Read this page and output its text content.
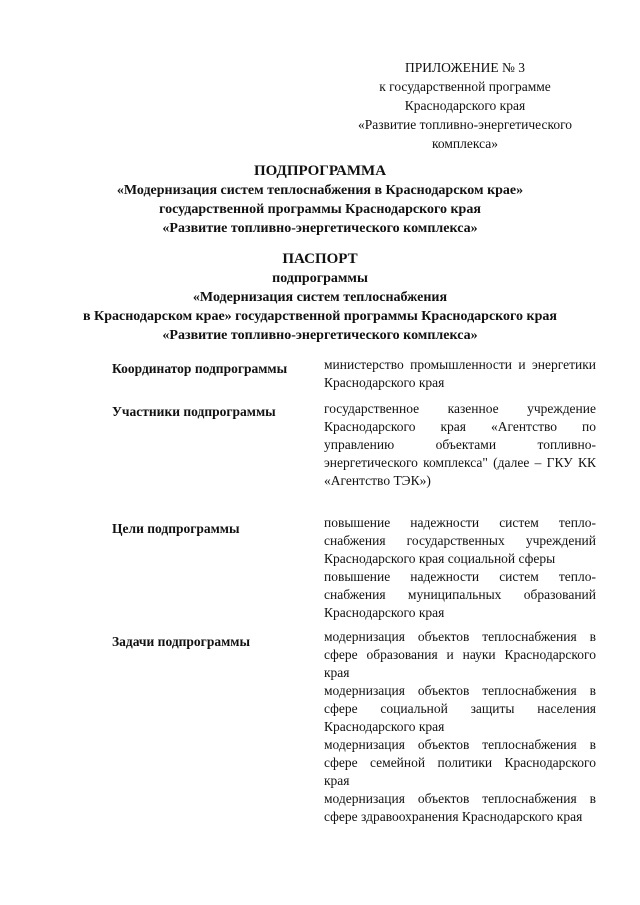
ПРИЛОЖЕНИЕ № 3
к государственной программе
Краснодарского края
«Развитие топливно-энергетического
комплекса»
ПОДПРОГРАММА
«Модернизация систем теплоснабжения в Краснодарском крае»
государственной программы Краснодарского края
«Развитие топливно-энергетического комплекса»
ПАСПОРТ
подпрограммы
«Модернизация систем теплоснабжения
в Краснодарском крае» государственной программы Краснодарского края
«Развитие топливно-энергетического комплекса»
Координатор подпрограммы	министерство промышленности и энергетики Краснодарского края

Участники подпрограммы	государственное казенное учреждение Краснодарского края «Агентство по управлению объектами топливно-энергетического комплекса" (далее – ГКУ КК «Агентство ТЭК»)

Цели подпрограммы	повышение надежности систем теплоснабжения государственных учреждений Краснодарского края социальной сферы

повышение надежности систем теплоснабжения муниципальных образований Краснодарского края

Задачи подпрограммы	модернизация объектов теплоснабжения в сфере образования и науки Краснодарского края

модернизация объектов теплоснабжения в сфере социальной защиты населения Краснодарского края

модернизация объектов теплоснабжения в сфере семейной политики Краснодарского края

модернизация объектов теплоснабжения в сфере здравоохранения Краснодарского края
